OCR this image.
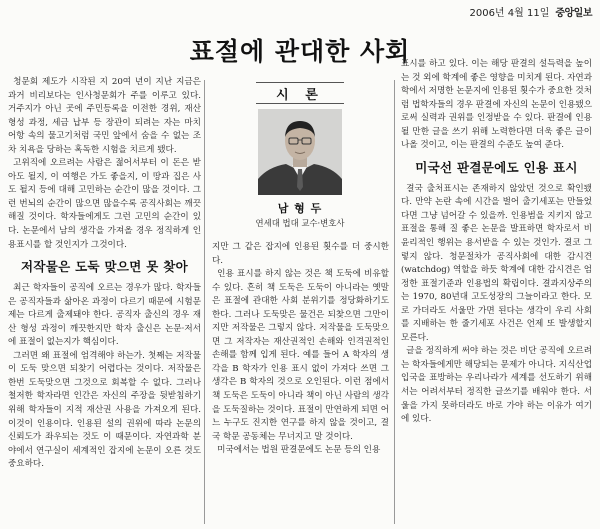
2006년 4월 11일 중앙일보
표절에 관대한 사회

청문회 제도가 시작된 지 20여 년이 지난 지금은 과거 비리보다는 인사청문회가 주를 이루고 있다. 거주지가 아닌 곳에 주민등록을 이전한 경위, 재산 형성 과정, 세금 납부 등 장관이 되려는 자는 마치 어항 속의 물고기처럼 국민 앞에서 숨을 수 없는 조차 치욕을 당하는 혹독한 시험을 치르게 됐다.

고위직에 오르려는 사람은 젊어서부터 이 돈은 받아도 될지, 이 여행은 가도 좋을지, 이 땅과 집은 사도 될지 등에 대해 고민하는 순간이 많을 것이다. 그런 번뇌의 순간이 많으면 많을수록 공직사회는 깨끗해질 것이다. 학자들에게도 그런 고민의 순간이 있다. 논문에서 남의 생각을 가져올 경우 정직하게 인용표시를 할 것인지가 그것이다.

저작물은 도둑 맞으면 못 찾아

최근 학자들이 공직에 오르는 경우가 많다. 학자들은 공직자들과 삶아온 과정이 다르기 때문에 시험문제는 다르게 출제돼야 한다. 공직자 출신의 경우 재산 형성 과정이 깨끗한지만 학자 출신은 논문·저서에 표절이 없는지가 핵심이다.

그러면 왜 표절에 엄격해야 하는가. 첫째는 저작물이 도둑 맞으면 되찾기 어렵다는 것이다. 저작물은 한번 도둑맞으면 그것으로 회복할 수 없다. 그러나 철저한 학자라면 인간은 자신의 주장을 뒷받침하기 위해 학자들이 지적 재산권 사용을 가져오게 된다. 이것이 인용이다. 인용된 설의 권위에 따라 논문의 신뢰도가 좌우되는 것도 이 때문이다. 자연과학 분야에서 연구실이 세계적인 잡지에 논문이 오른 것도 중요하다.

시 론
남 형 두
연세대 법대 교수·변호사

지만 그 같은 잡지에 인용된 횟수를 더 중시한다.

인용 표시를 하지 않는 것은 책 도둑에 비유할 수 있다. 흔히 책 도둑은 도둑이 아니라는 옛말은 표절에 관대한 사회 분위기를 정당화하기도 한다. 그러나 도둑맞은 물건은 되찾으면 그만이지만 저작물은 그렇지 않다. 저작물을 도둑맞으면 그 저작자는 재산권적인 손해와 인격권적인 손해를 함께 입게 된다. 예를 들어 A 학자의 생각을 B 학자가 인용 표시 없이 가져다 쓰면 그 생각은 B 학자의 것으로 오인된다. 이런 점에서 책 도둑은 도둑이 아니라 책이 아닌 사람의 생각을 도둑질하는 것이다. 표절이 만연하게 되면 어느 누구도 진지한 연구를 하지 않을 것이고, 결국 학문 공동체는 무너지고 말 것이다.

미국에서는 법원 판결문에도 논문 등의 인용

표시를 하고 있다. 이는 해당 판결의 설득력을 높이는 것 외에 학계에 좋은 영향을 미치게 된다. 자연과학에서 저명한 논문지에 인용된 횟수가 중요한 것처럼 법학자들의 경우 판결에 자신의 논문이 인용됐으로써 실력과 권위를 인정받을 수 있다. 판결에 인용될 만한 글을 쓰기 위해 노력한다면 더욱 좋은 글이 나올 것이고, 이는 판결의 수준도 높여 준다.

미국선 판결문에도 인용 표시

결국 출처표시는 존재하지 않았던 것으로 확인됐다. 만약 논란 속에 시간을 벌어 출기세포는 만들었다면 그냥 넘어갈 수 있을까. 인용범을 지키지 않고 표절을 통해 질 좋은 논문을 발표하면 학자로서 비윤리적인 행위는 용서받을 수 있는 것인가. 결코 그렇지 않다. 청문절차가 공직사회에 대한 감시견(watchdog) 역할을 하듯 학계에 대한 감시견은 엄정한 표절기준과 인용법의 확립이다. 결과지상주의는 1970, 80년대 고도성장의 그늘이라고 한다. 모로 가더라도 서울만 가면 된다는 생각이 우리 사회를 지배하는 한 줄기세포 사건은 언제 또 발생할지 모른다.

글을 정직하게 써야 하는 것은 비단 공직에 오르려는 학자들에게만 해당되는 문제가 아니다. 지식산업 입국을 표방하는 우리나라가 세계를 선도하기 위해서는 어려서부터 정직한 글쓰기를 배워야 한다. 서울을 가지 못하더라도 바로 가야 하는 이유가 여기에 있다.
